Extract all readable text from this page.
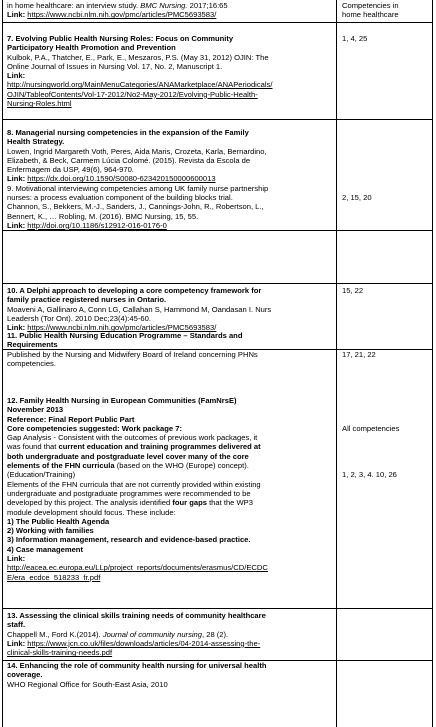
in home healthcare: an interview study. BMC Nursing. 2017;16:65
Link: https://www.ncbi.nlm.nih.gov/pmc/articles/PMC5693583/
Competencies in
home healthcare
7. Evolving Public Health Nursing Roles: Focus on Community
Participatory Health Promotion and Prevention
Kulbok, P.A., Thatcher, E., Park, E., Meszaros, P.S. (May 31, 2012) OJIN: The
Online Journal of Issues in Nursing Vol. 17, No. 2, Manuscript 1.
Link:
http://nursingworld.org/MainMenuCategories/ANAMarketplace/ANAPeriodicals/
OJIN/TableofContents/Vol-17-2012/No2-May-2012/Evolving-Public-Health-
Nursing-Roles.html
1, 4, 25
8. Managerial nursing competencies in the expansion of the Family
Health Strategy.
Lowen, Ingrid Margareth Voth, Peres, Aida Maris, Crozeta, Karla, Bernardino,
Elizabeth, & Beck, Carmem Lúcia Colomé. (2015). Revista da Escola de
Enfermagem da USP, 49(6), 964-970.
Link: https://dx.doi.org/10.1590/S0080-623420150000600013
9. Motivational interviewing competencies among UK family nurse partnership
nurses: a process evaluation component of the building blocks trial.
Channon, S., Bekkers, M.-J., Sanders, J., Cannings-John, R., Robertson, L.,
Bennert, K., … Robling, M. (2016). BMC Nursing, 15, 55.
Link: http://doi.org/10.1186/s12912-016-0176-0
2, 15, 20
10. A Delphi approach to developing a core competency framework for
family practice registered nurses in Ontario.
Moaveni A, Gallinaro A, Conn LG, Callahan S, Hammond M, Oandasan I. Nurs
Leadersh (Tor Ont). 2010 Dec;23(4):45-60.
Link: https://www.ncbi.nlm.nih.gov/pmc/articles/PMC5693583/
15, 22
11. Public Health Nursing Education Programme – Standards and
Requirements
Published by the Nursing and Midwifery Board of Ireland concerning PHNs
competencies.
17, 21, 22
12. Family Health Nursing in European Communities (FamNrsE)
November 2013
Reference: Final Report Public Part
Core competencies suggested: Work package 7:
Gap Analysis - Consistent with the outcomes of previous work packages, it
was found that current education and training programmes delivered at
both undergraduate and postgraduate level cover many of the core
elements of the FHN curricula (based on the WHO (Europe) concept).
(Education/Training)
Elements of the FHN curricula that are not currently provided within existing
undergraduate and postgraduate programmes were recommended to be
developed by this project. The analysis identified four gaps that the WP3
module development should focus. These include:
1) The Public Health Agenda
2) Working with families
3) Information management, research and evidence-based practice.
4) Case management
Link:
http://eacea.ec.europa.eu/LLp/project_reports/documents/erasmus/CD/ECDC
E/era_ecdce_518233_fr.pdf
All competencies
1, 2, 3, 4. 10, 26
13. Assessing the clinical skills training needs of community healthcare
staff.
Chappell M., Ford K.(2014). Journal of community nursing, 28 (2).
Link: https://www.jcn.co.uk/files/downloads/articles/04-2014-assessing-the-
clinical-skills-training-needs.pdf
14. Enhancing the role of community health nursing for universal health
coverage.
WHO Regional Office for South-East Asia, 2010
